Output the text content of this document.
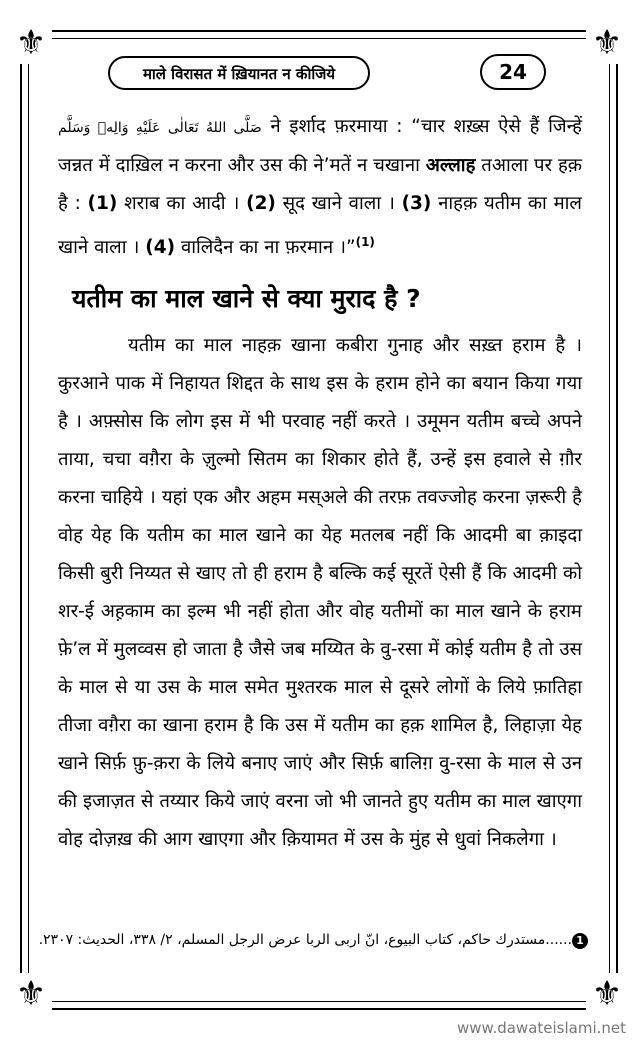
⚜	⚜
⚜	⚜
माले विरासत में ख़ियानत न कीजिये	24

صَلَّى اللهُ تَعَالٰى عَلَيْهِ وَالِهٖ وَسَلَّم ने इर्शाद फ़रमाया : “चार शख़्स ऐसे हैं जिन्हें जन्नत में दाख़िल न करना और उस की ने’मतें न चखाना अल्लाह तआला पर हक़ है : (1) शराब का आदी । (2) सूद खाने वाला । (3) नाहक़ यतीम का माल खाने वाला । (4) वालिदैन का ना फ़रमान ।”$^{(1)}$

यतीम का माल खाने से क्या मुराद है ?

यतीम का माल नाहक़ खाना कबीरा गुनाह और सख़्त हराम है । कुरआने पाक में निहायत शिद्दत के साथ इस के हराम होने का बयान किया गया है । अफ़्सोस कि लोग इस में भी परवाह नहीं करते । उमूमन यतीम बच्चे अपने ताया, चचा वग़ैरा के ज़ुल्मो सितम का शिकार होते हैं, उन्हें इस हवाले से ग़ौर करना चाहिये । यहां एक और अहम मस्अले की तरफ़ तवज्जोह करना ज़रूरी है वोह येह कि यतीम का माल खाने का येह मतलब नहीं कि आदमी बा क़ाइदा किसी बुरी निय्यत से खाए तो ही हराम है बल्कि कई सूरतें ऐसी हैं कि आदमी को शर-ई अह़काम का इल्म भी नहीं होता और वोह यतीमों का माल खाने के हराम फ़े’ल में मुलव्वस हो जाता है जैसे जब मय्यित के वु-रसा में कोई यतीम है तो उस के माल से या उस के माल समेत मुश्तरक माल से दूसरे लोगों के लिये फ़ातिहा तीजा वग़ैरा का खाना हराम है कि उस में यतीम का हक़ शामिल है, लिहाज़ा येह खाने सिर्फ़ फ़ु-क़रा के लिये बनाए जाएं और सिर्फ़ बालिग़ वु-रसा के माल से उन की इजाज़त से तय्यार किये जाएं वरना जो भी जानते हुए यतीम का माल खाएगा वोह दोज़ख़ की आग खाएगा और क़ियामत में उस के मुंह से धुवां निकलेगा ।

1......مستدرك حاكم، كتاب البيوع، انّ اربی الربا عرض الرجل المسلم، ٢/ ٣٣٨، الحديث: ٢٣٠٧.
www.dawateislami.net
